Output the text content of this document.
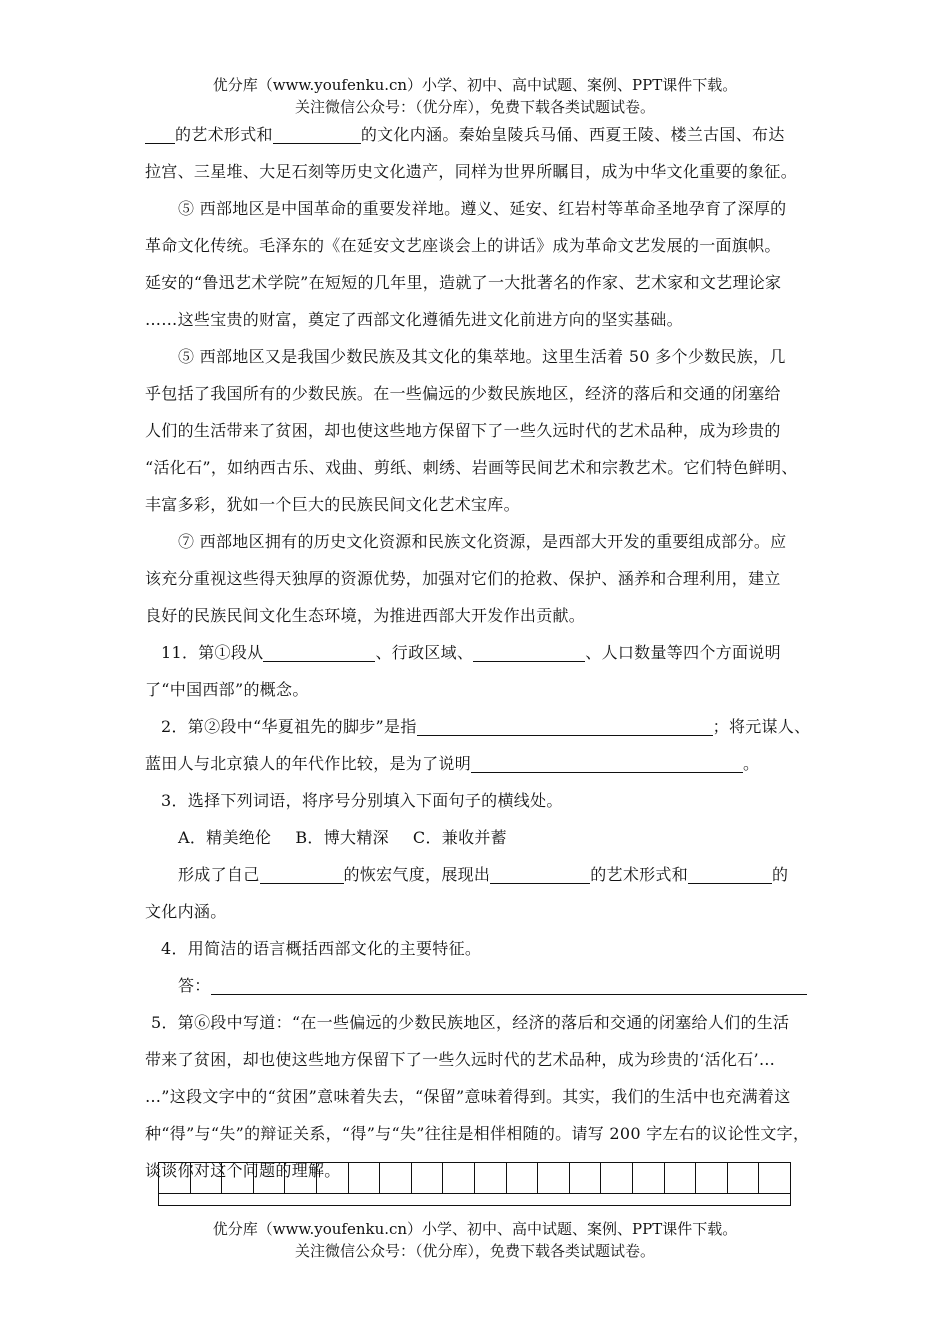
优分库（www.youfenku.cn）小学、初中、高中试题、案例、PPT课件下载。
关注微信公众号：（优分库），免费下载各类试题试卷。
的艺术形式和	的文化内涵。秦始皇陵兵马俑、西夏王陵、楼兰古国、布达
拉宫、三星堆、大足石刻等历史文化遗产，同样为世界所瞩目，成为中华文化重要的象征。
⑤ 西部地区是中国革命的重要发祥地。遵义、延安、红岩村等革命圣地孕育了深厚的
革命文化传统。毛泽东的《在延安文艺座谈会上的讲话》成为革命文艺发展的一面旗帜。
延安的“鲁迅艺术学院”在短短的几年里，造就了一大批著名的作家、艺术家和文艺理论家
……这些宝贵的财富，奠定了西部文化遵循先进文化前进方向的坚实基础。
⑤ 西部地区又是我国少数民族及其文化的集萃地。这里生活着 50 多个少数民族，几
乎包括了我国所有的少数民族。在一些偏远的少数民族地区，经济的落后和交通的闭塞给
人们的生活带来了贫困，却也使这些地方保留下了一些久远时代的艺术品种，成为珍贵的
“活化石”，如纳西古乐、戏曲、剪纸、刺绣、岩画等民间艺术和宗教艺术。它们特色鲜明、
丰富多彩，犹如一个巨大的民族民间文化艺术宝库。
⑦ 西部地区拥有的历史文化资源和民族文化资源，是西部大开发的重要组成部分。应
该充分重视这些得天独厚的资源优势，加强对它们的抢救、保护、涵养和合理利用，建立
良好的民族民间文化生态环境，为推进西部大开发作出贡献。
11．第①段从	、行政区域、	、人口数量等四个方面说明
了“中国西部”的概念。
2．第②段中“华夏祖先的脚步”是指	；将元谋人、
蓝田人与北京猿人的年代作比较，是为了说明	。
3．选择下列词语，将序号分别填入下面句子的横线处。
A．精美绝伦 B．博大精深 C．兼收并蓄
形成了自己	的恢宏气度，展现出	的艺术形式和	的
文化内涵。
4．用简洁的语言概括西部文化的主要特征。
答：
5．第⑥段中写道：“在一些偏远的少数民族地区，经济的落后和交通的闭塞给人们的生活
带来了贫困，却也使这些地方保留下了一些久远时代的艺术品种，成为珍贵的‘活化石’…
…”这段文字中的“贫困”意味着失去，“保留”意味着得到。其实，我们的生活中也充满着这
种“得”与“失”的辩证关系，“得”与“失”往往是相伴相随的。请写 200 字左右的议论性文字，
谈谈你对这个问题的理解。
优分库（www.youfenku.cn）小学、初中、高中试题、案例、PPT课件下载。
关注微信公众号：（优分库），免费下载各类试题试卷。
